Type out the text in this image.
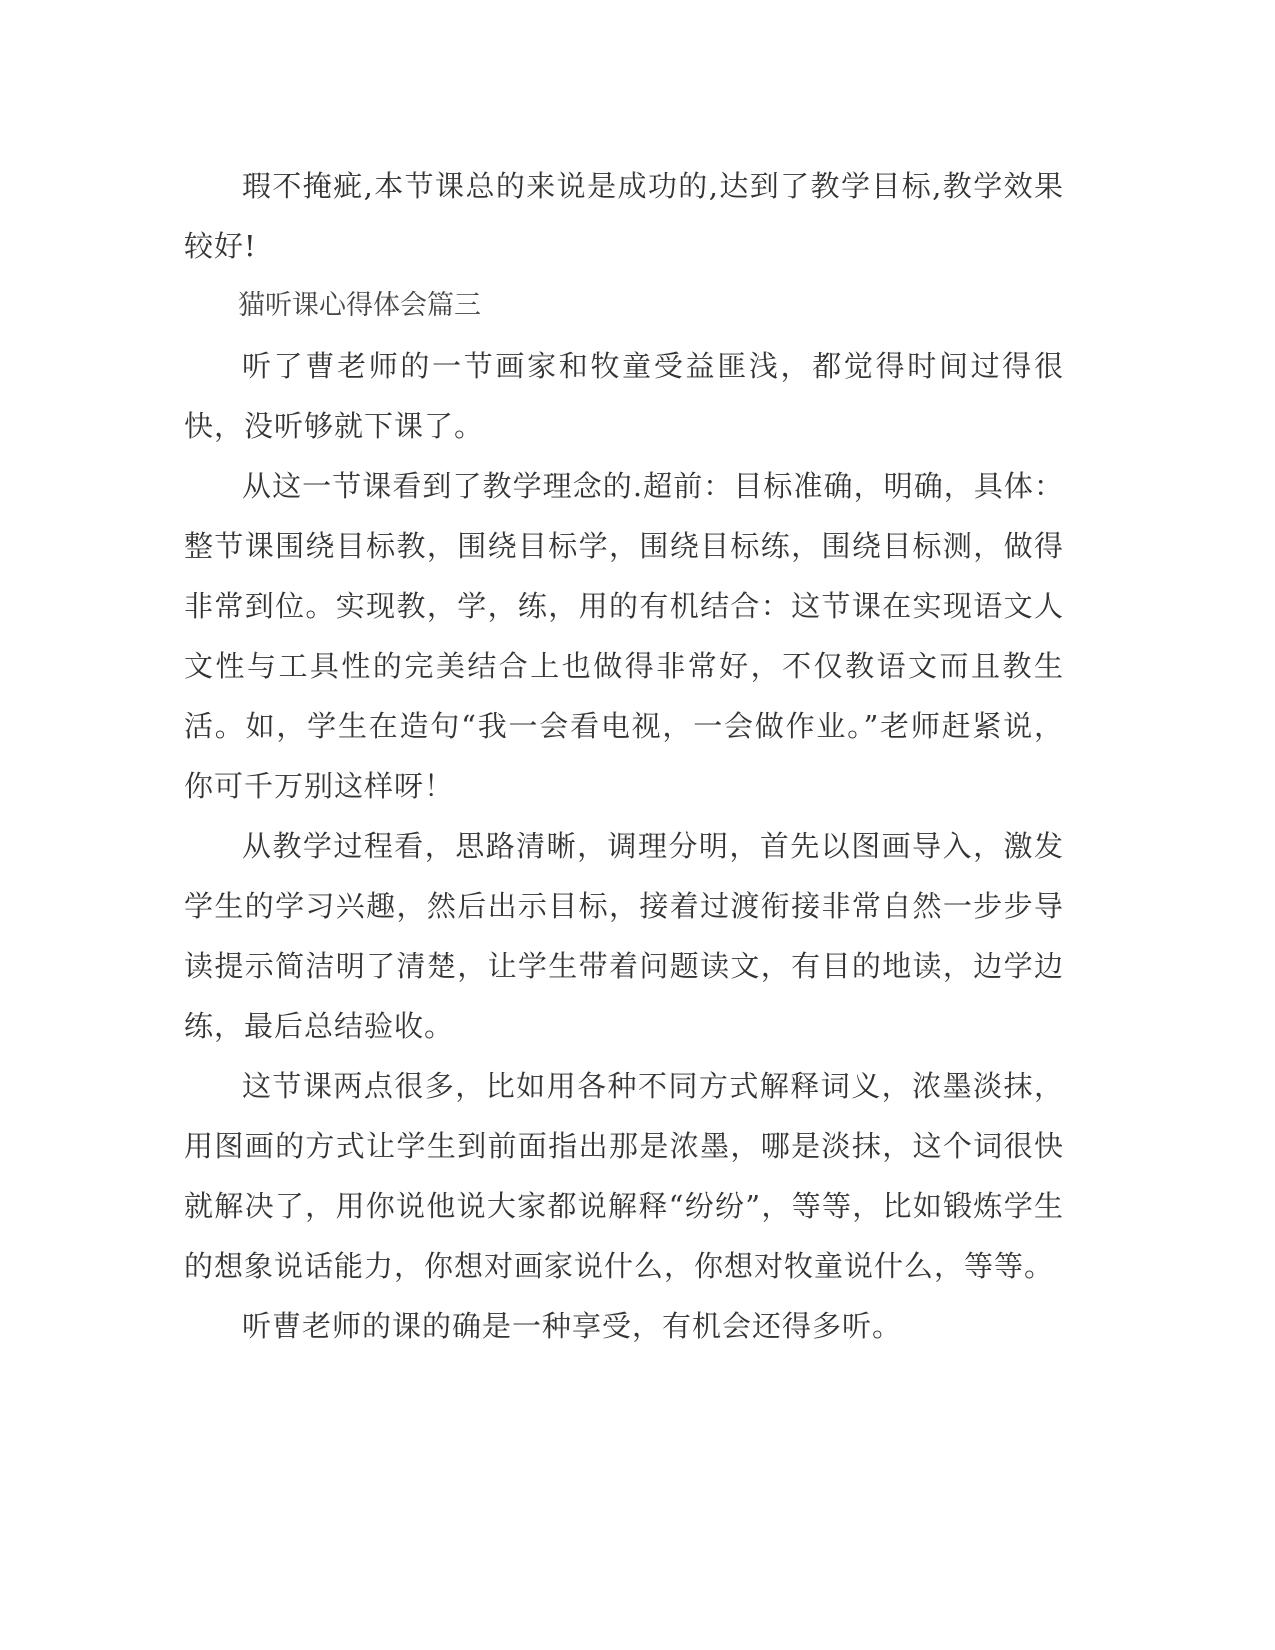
瑕不掩疵,本节课总的来说是成功的,达到了教学目标,教学效果较好!

猫听课心得体会篇三

听了曹老师的一节画家和牧童受益匪浅，都觉得时间过得很快，没听够就下课了。

从这一节课看到了教学理念的.超前：目标准确，明确，具体：整节课围绕目标教，围绕目标学，围绕目标练，围绕目标测，做得非常到位。实现教，学，练，用的有机结合：这节课在实现语文人文性与工具性的完美结合上也做得非常好，不仅教语文而且教生活。如，学生在造句“我一会看电视，一会做作业。”老师赶紧说，你可千万别这样呀！

从教学过程看，思路清晰，调理分明，首先以图画导入，激发学生的学习兴趣，然后出示目标，接着过渡衔接非常自然一步步导读提示简洁明了清楚，让学生带着问题读文，有目的地读，边学边练，最后总结验收。

这节课两点很多，比如用各种不同方式解释词义，浓墨淡抹，用图画的方式让学生到前面指出那是浓墨，哪是淡抹，这个词很快就解决了，用你说他说大家都说解释“纷纷”，等等，比如锻炼学生的想象说话能力，你想对画家说什么，你想对牧童说什么，等等。

听曹老师的课的确是一种享受，有机会还得多听。
